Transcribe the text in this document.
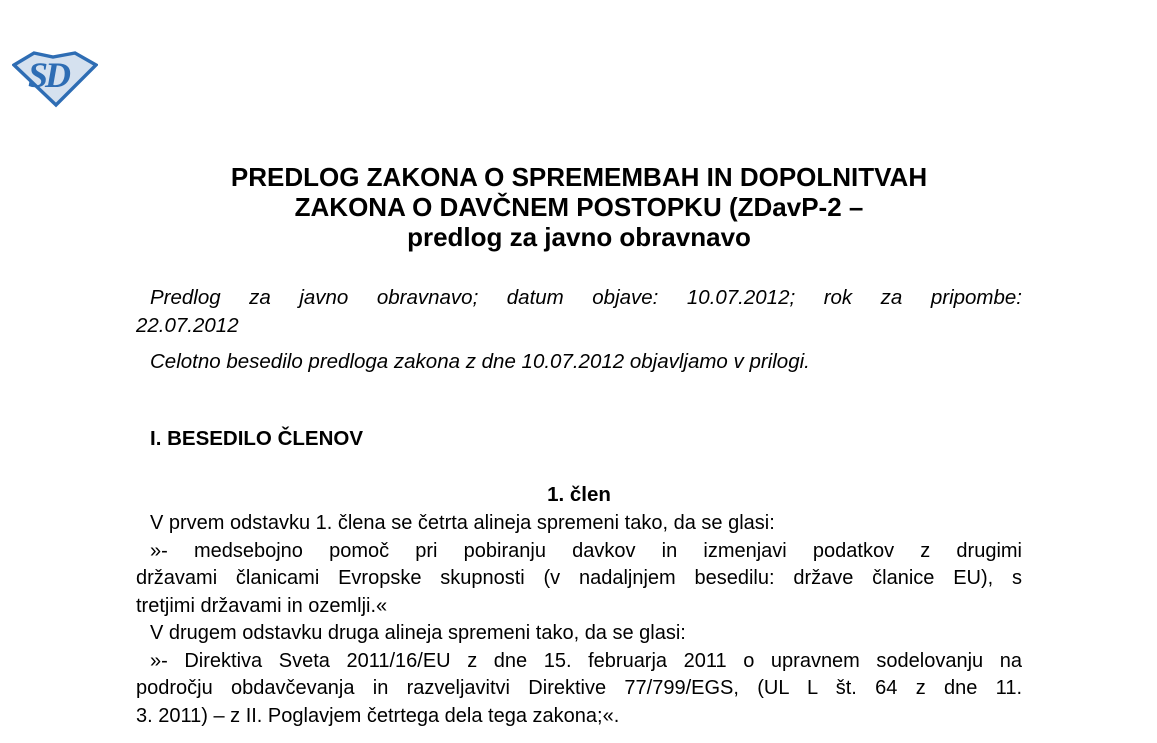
SD
PREDLOG ZAKONA O SPREMEMBAH IN DOPOLNITVAH
ZAKONA O DAVČNEM POSTOPKU (ZDavP-2 –
predlog za javno obravnavo
Predlog za javno obravnavo; datum objave: 10.07.2012; rok za pripombe:
22.07.2012
Celotno besedilo predloga zakona z dne 10.07.2012 objavljamo v prilogi.
I. BESEDILO ČLENOV
1. člen
V prvem odstavku 1. člena se četrta alineja spremeni tako, da se glasi:
»- medsebojno pomoč pri pobiranju davkov in izmenjavi podatkov z drugimi
državami članicami Evropske skupnosti (v nadaljnjem besedilu: države članice EU), s
tretjimi državami in ozemlji.«
V drugem odstavku druga alineja spremeni tako, da se glasi:
»- Direktiva Sveta 2011/16/EU z dne 15. februarja 2011 o upravnem sodelovanju na
področju obdavčevanja in razveljavitvi Direktive 77/799/EGS, (UL L št. 64 z dne 11.
3. 2011) – z II. Poglavjem četrtega dela tega zakona;«.
